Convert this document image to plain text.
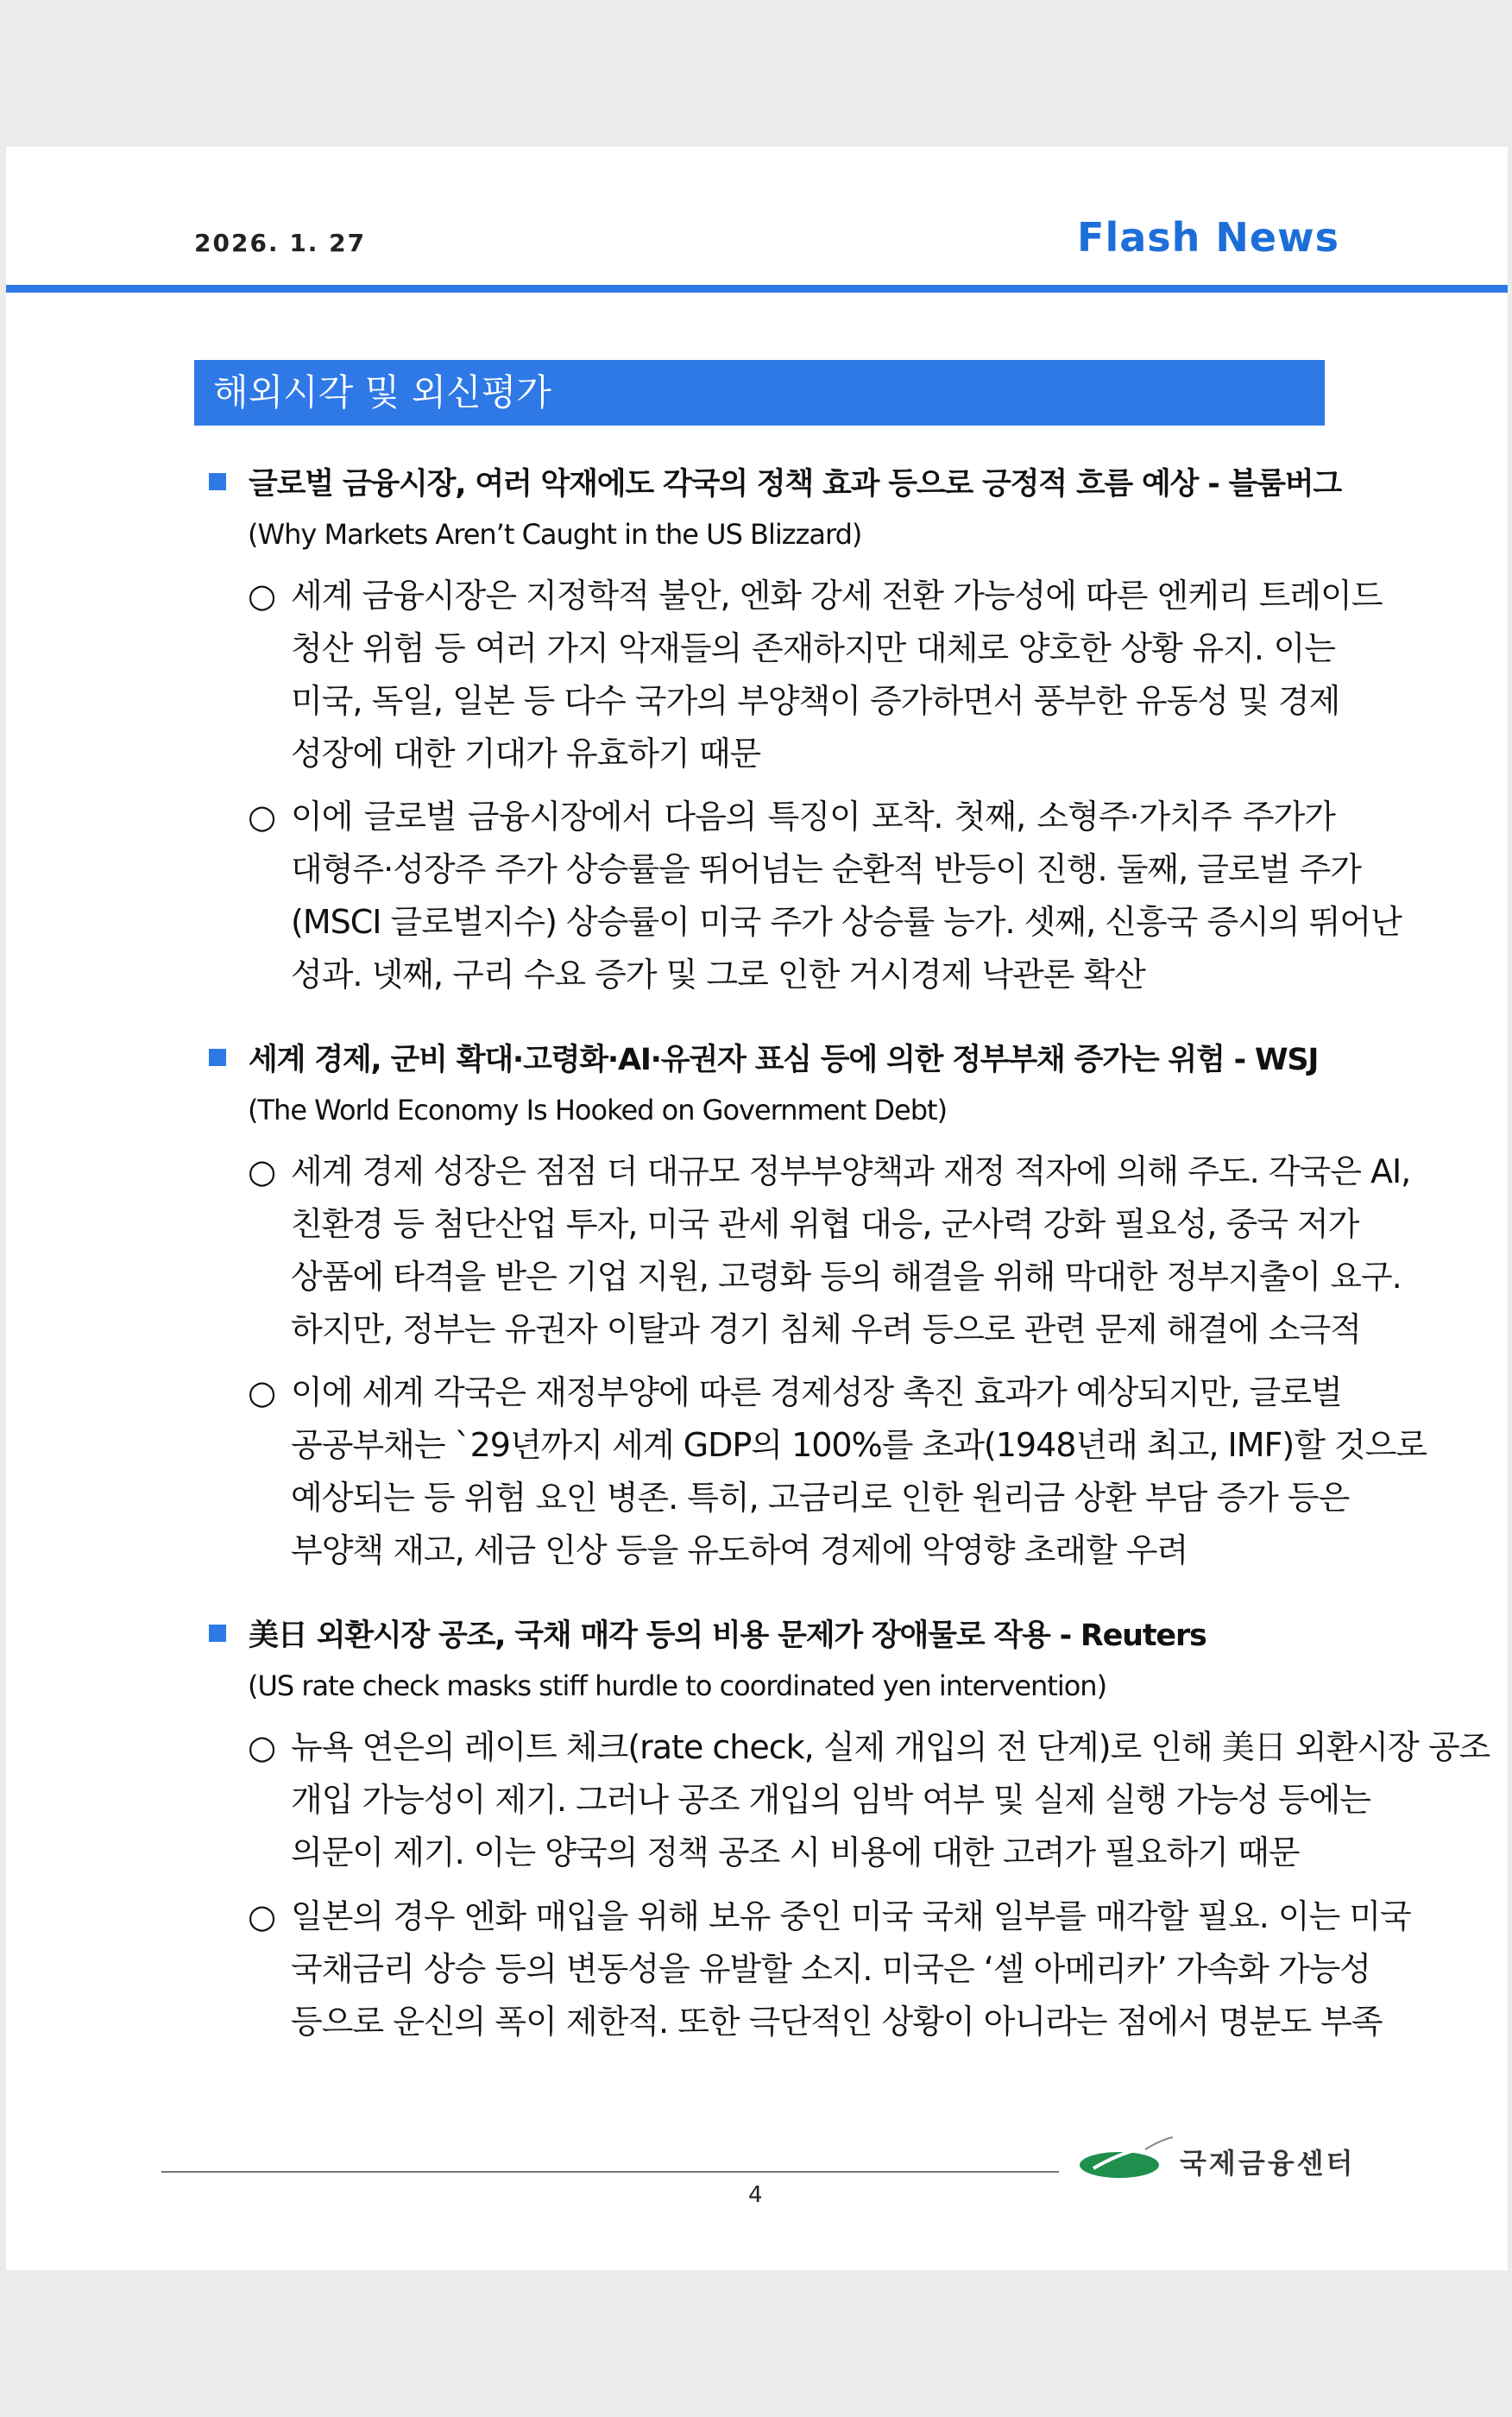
2026. 1. 27	Flash News
해외시각 및 외신평가
글로벌 금융시장, 여러 악재에도 각국의 정책 효과 등으로 긍정적 흐름 예상 - 블룸버그
(Why Markets Aren’t Caught in the US Blizzard)
○ 세계 금융시장은 지정학적 불안, 엔화 강세 전환 가능성에 따른 엔케리 트레이드
청산 위험 등 여러 가지 악재들의 존재하지만 대체로 양호한 상황 유지. 이는
미국, 독일, 일본 등 다수 국가의 부양책이 증가하면서 풍부한 유동성 및 경제
성장에 대한 기대가 유효하기 때문
○ 이에 글로벌 금융시장에서 다음의 특징이 포착. 첫째, 소형주·가치주 주가가
대형주·성장주 주가 상승률을 뛰어넘는 순환적 반등이 진행. 둘째, 글로벌 주가
(MSCI 글로벌지수) 상승률이 미국 주가 상승률 능가. 셋째, 신흥국 증시의 뛰어난
성과. 넷째, 구리 수요 증가 및 그로 인한 거시경제 낙관론 확산
세계 경제, 군비 확대·고령화·AI·유권자 표심 등에 의한 정부부채 증가는 위험 - WSJ
(The World Economy Is Hooked on Government Debt)
○ 세계 경제 성장은 점점 더 대규모 정부부양책과 재정 적자에 의해 주도. 각국은 AI,
친환경 등 첨단산업 투자, 미국 관세 위협 대응, 군사력 강화 필요성, 중국 저가
상품에 타격을 받은 기업 지원, 고령화 등의 해결을 위해 막대한 정부지출이 요구.
하지만, 정부는 유권자 이탈과 경기 침체 우려 등으로 관련 문제 해결에 소극적
○ 이에 세계 각국은 재정부양에 따른 경제성장 촉진 효과가 예상되지만, 글로벌
공공부채는 `29년까지 세계 GDP의 100%를 초과(1948년래 최고, IMF)할 것으로
예상되는 등 위험 요인 병존. 특히, 고금리로 인한 원리금 상환 부담 증가 등은
부양책 재고, 세금 인상 등을 유도하여 경제에 악영향 초래할 우려
美日 외환시장 공조, 국채 매각 등의 비용 문제가 장애물로 작용 - Reuters
(US rate check masks stiff hurdle to coordinated yen intervention)
○ 뉴욕 연은의 레이트 체크(rate check, 실제 개입의 전 단계)로 인해 美日 외환시장 공조
개입 가능성이 제기. 그러나 공조 개입의 임박 여부 및 실제 실행 가능성 등에는
의문이 제기. 이는 양국의 정책 공조 시 비용에 대한 고려가 필요하기 때문
○ 일본의 경우 엔화 매입을 위해 보유 중인 미국 국채 일부를 매각할 필요. 이는 미국
국채금리 상승 등의 변동성을 유발할 소지. 미국은 ‘셀 아메리카’ 가속화 가능성
등으로 운신의 폭이 제한적. 또한 극단적인 상황이 아니라는 점에서 명분도 부족
4
국제금융센터
